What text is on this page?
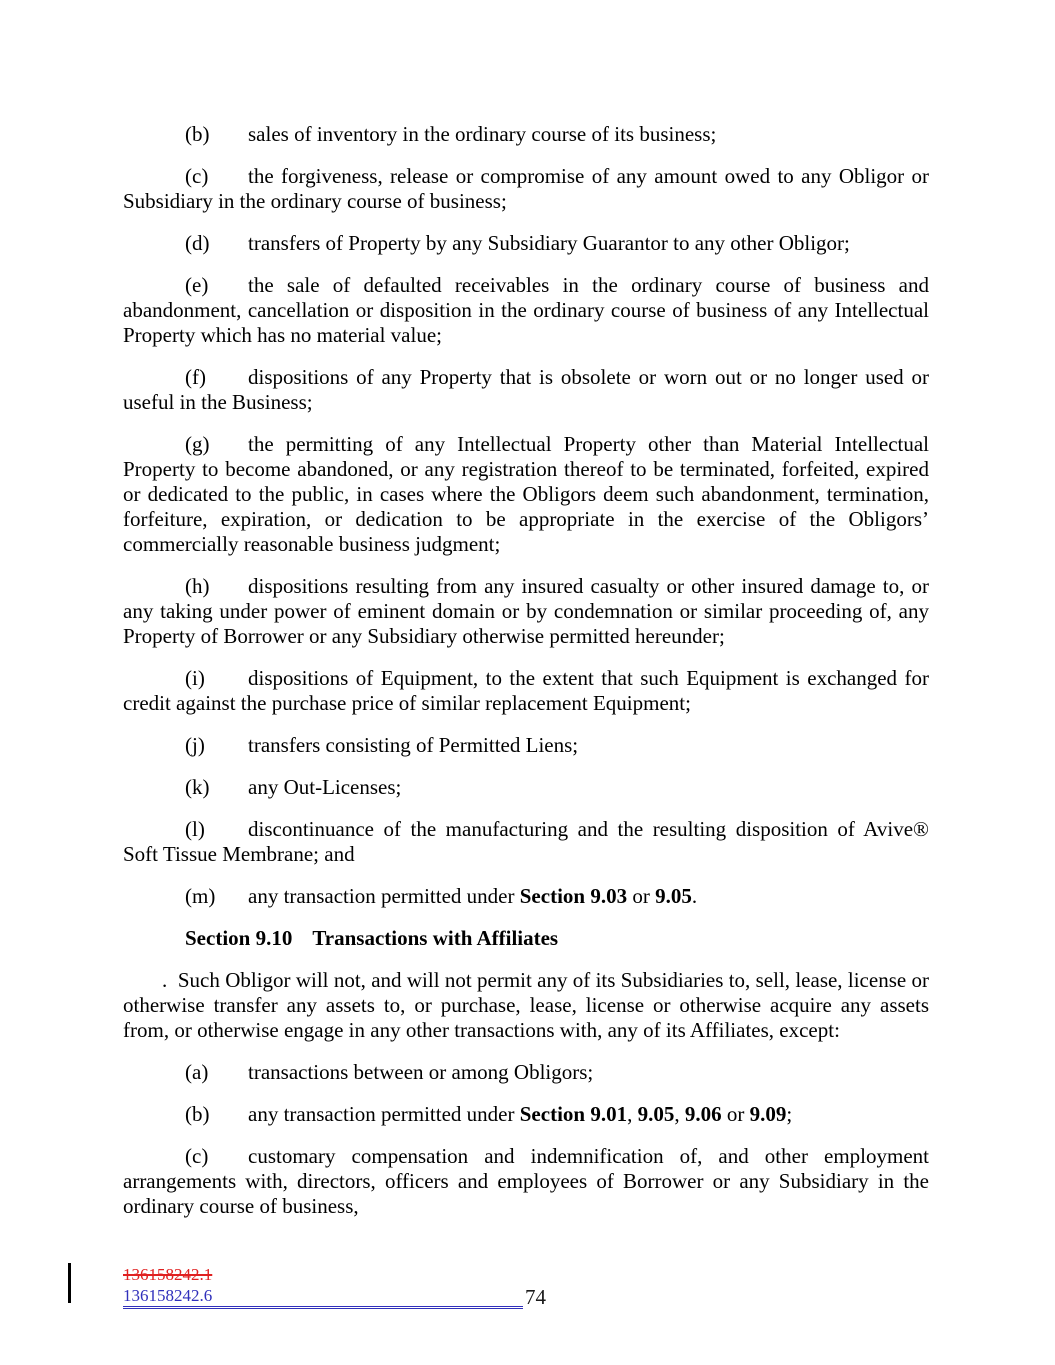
(b) sales of inventory in the ordinary course of its business;

(c) the forgiveness, release or compromise of any amount owed to any Obligor or Subsidiary in the ordinary course of business;

(d) transfers of Property by any Subsidiary Guarantor to any other Obligor;

(e) the sale of defaulted receivables in the ordinary course of business and abandonment, cancellation or disposition in the ordinary course of business of any Intellectual Property which has no material value;

(f) dispositions of any Property that is obsolete or worn out or no longer used or useful in the Business;

(g) the permitting of any Intellectual Property other than Material Intellectual Property to become abandoned, or any registration thereof to be terminated, forfeited, expired or dedicated to the public, in cases where the Obligors deem such abandonment, termination, forfeiture, expiration, or dedication to be appropriate in the exercise of the Obligors’ commercially reasonable business judgment;

(h) dispositions resulting from any insured casualty or other insured damage to, or any taking under power of eminent domain or by condemnation or similar proceeding of, any Property of Borrower or any Subsidiary otherwise permitted hereunder;

(i) dispositions of Equipment, to the extent that such Equipment is exchanged for credit against the purchase price of similar replacement Equipment;

(j) transfers consisting of Permitted Liens;

(k) any Out-Licenses;

(l) discontinuance of the manufacturing and the resulting disposition of Avive® Soft Tissue Membrane; and

(m) any transaction permitted under Section 9.03 or 9.05.

Section 9.10 Transactions with Affiliates

.  Such Obligor will not, and will not permit any of its Subsidiaries to, sell, lease, license or otherwise transfer any assets to, or purchase, lease, license or otherwise acquire any assets from, or otherwise engage in any other transactions with, any of its Affiliates, except:

(a) transactions between or among Obligors;

(b) any transaction permitted under Section 9.01, 9.05, 9.06 or 9.09;

(c) customary compensation and indemnification of, and other employment arrangements with, directors, officers and employees of Borrower or any Subsidiary in the ordinary course of business,

136158242.1
136158242.6	74
